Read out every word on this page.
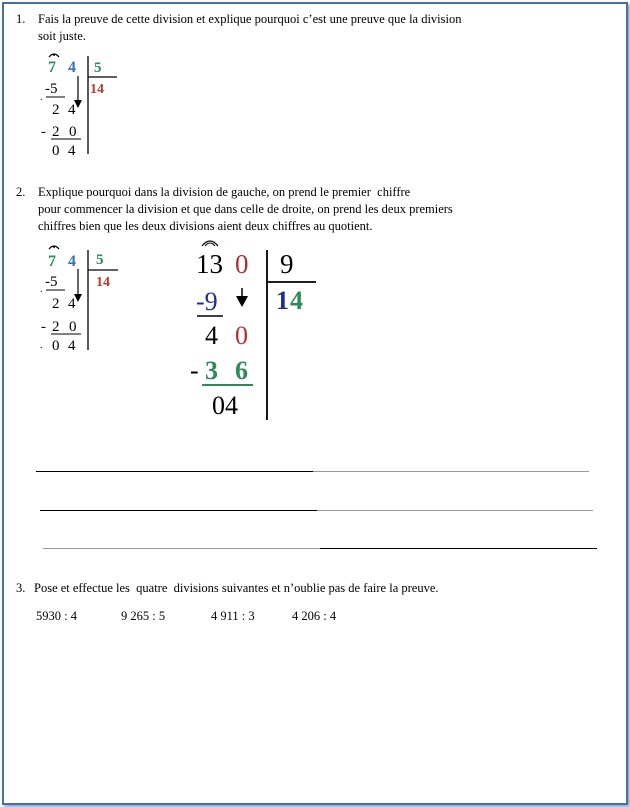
1. Fais la preuve de cette division et explique pourquoi c’est une preuve que la division
soit juste.
7 4 5
14
-5
.
2 4
- 2 0
0 4
2. Explique pourquoi dans la division de gauche, on prend le premier  chiffre
pour commencer la division et que dans celle de droite, on prend les deux premiers
chiffres bien que les deux divisions aient deux chiffres au quotient.
7 4 5
14
-5
.
2 4
- 2 0
. 0 4
13 0 9
1 4
-9
4 0
- 3 6
04
3. Pose et effectue les  quatre  divisions suivantes et n’oublie pas de faire la preuve.
5930 : 4	9 265 : 5	4 911 : 3	4 206 : 4
